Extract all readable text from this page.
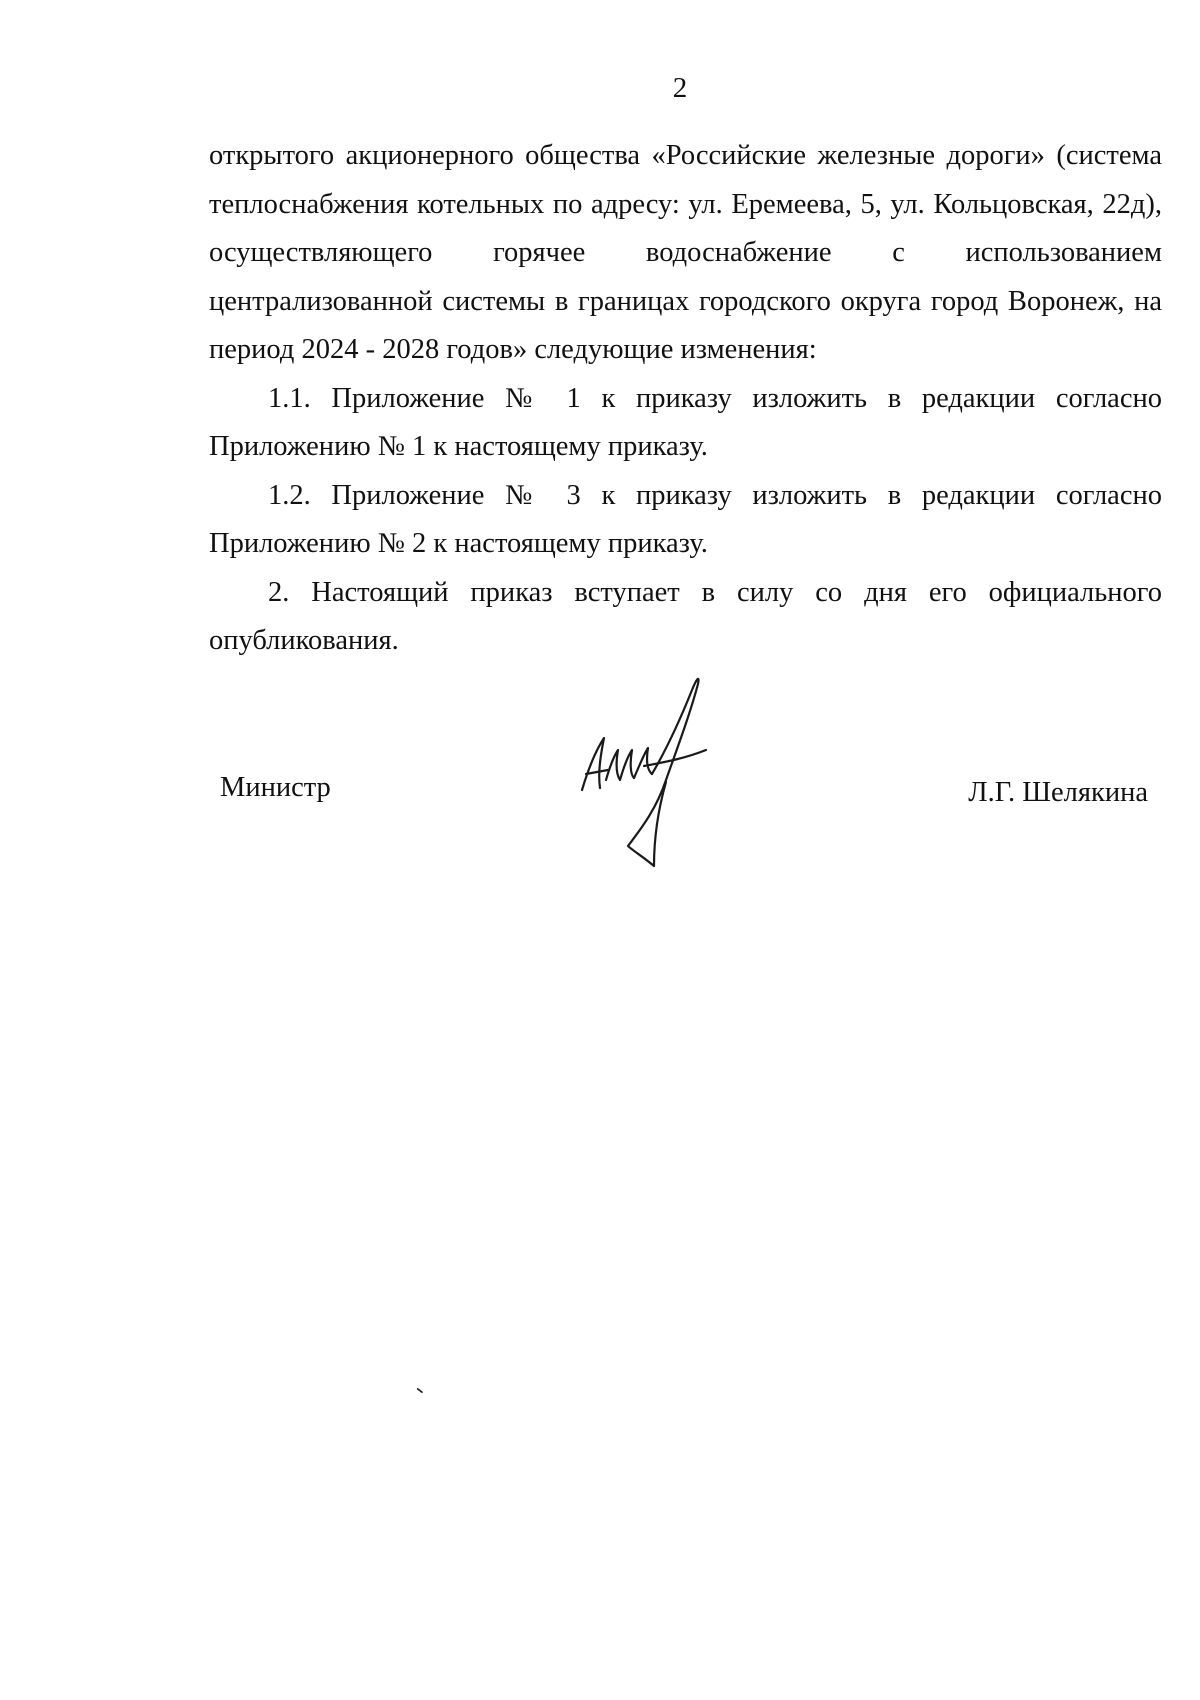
2

открытого акционерного общества «Российские железные дороги» (система теплоснабжения котельных по адресу: ул. Еремеева, 5, ул. Кольцовская, 22д), осуществляющего горячее водоснабжение с использованием централизованной системы в границах городского округа город Воронеж, на период 2024 - 2028 годов» следующие изменения:

1.1. Приложение № 1 к приказу изложить в редакции согласно Приложению № 1 к настоящему приказу.

1.2. Приложение № 3 к приказу изложить в редакции согласно Приложению № 2 к настоящему приказу.

2. Настоящий приказ вступает в силу со дня его официального опубликования.

Министр	Л.Г. Шелякина
